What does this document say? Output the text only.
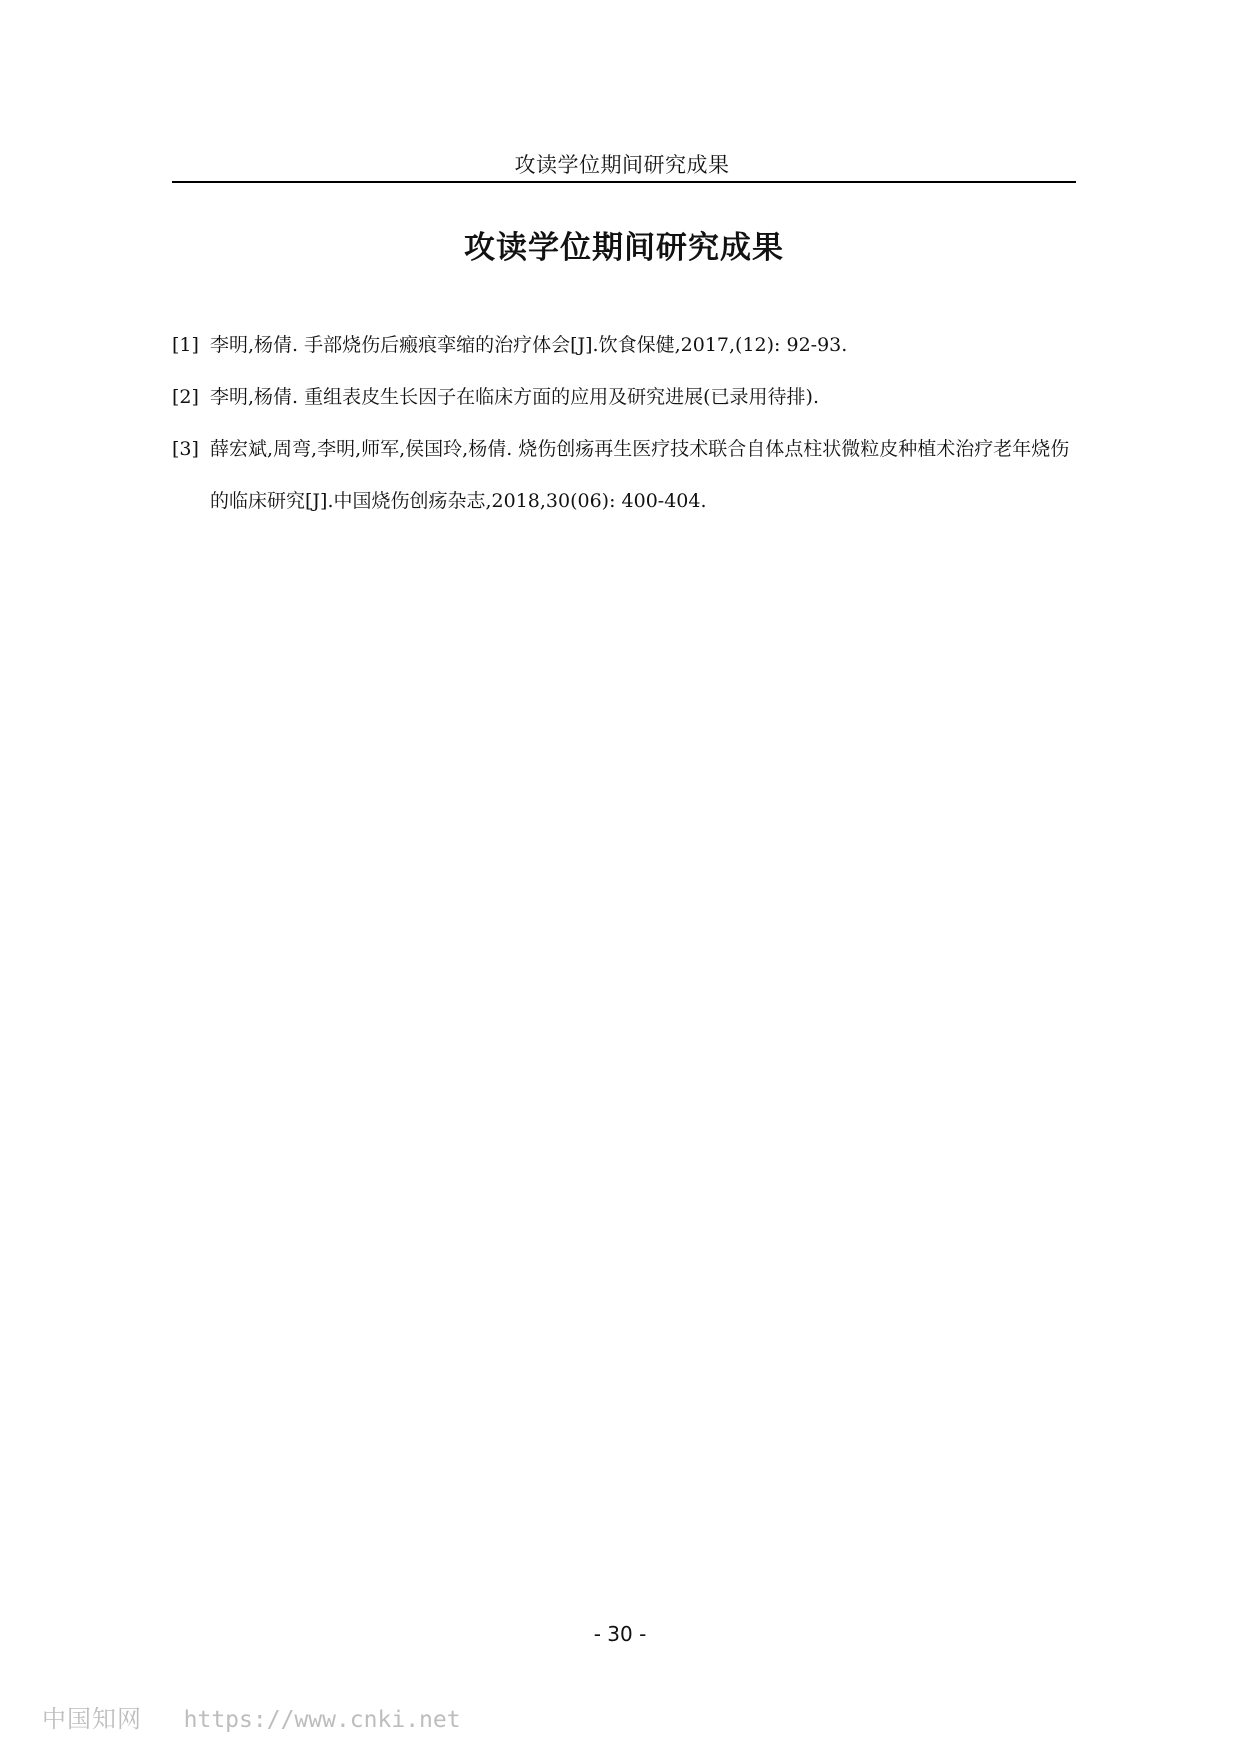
攻读学位期间研究成果
攻读学位期间研究成果
[1] 李明,杨倩. 手部烧伤后瘢痕挛缩的治疗体会[J].饮食保健,2017,(12): 92-93.
[2] 李明,杨倩. 重组表皮生长因子在临床方面的应用及研究进展(已录用待排).
[3] 薛宏斌,周弯,李明,师军,侯国玲,杨倩. 烧伤创疡再生医疗技术联合自体点柱状微粒皮种植术治疗老年烧伤的临床研究[J].中国烧伤创疡杂志,2018,30(06): 400-404.
- 30 -
中国知网 https://www.cnki.net
